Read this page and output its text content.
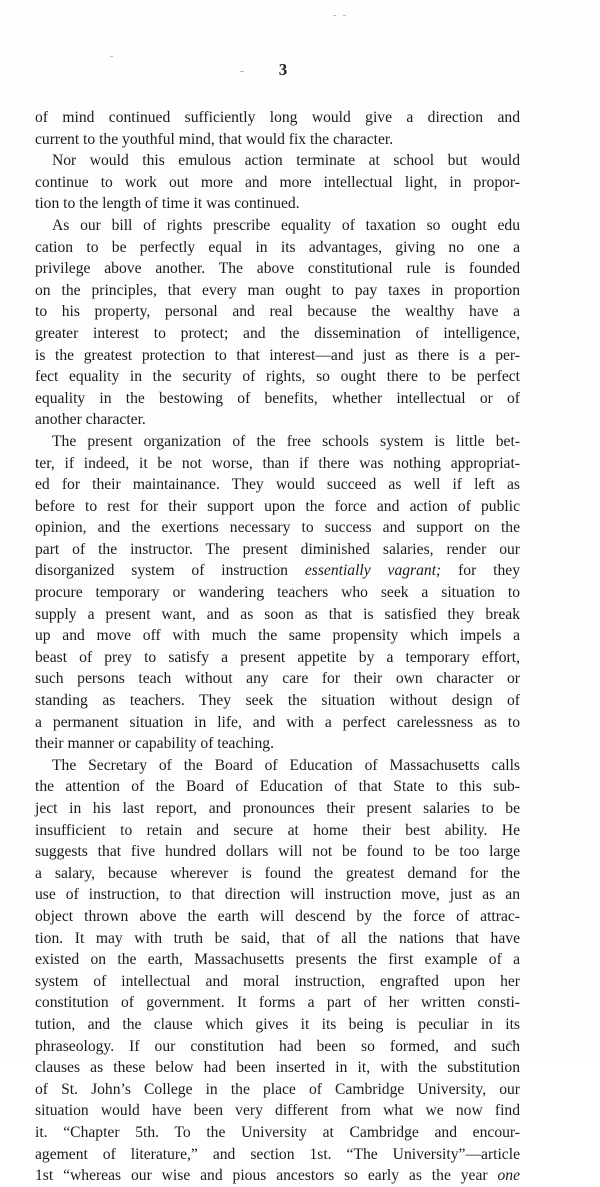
3
of mind continued sufficiently long would give a direction and
current to the youthful mind, that would fix the character.
Nor would this emulous action terminate at school but would
continue to work out more and more intellectual light, in propor-
tion to the length of time it was continued.
As our bill of rights prescribe equality of taxation so ought edu
cation to be perfectly equal in its advantages, giving no one a
privilege above another. The above constitutional rule is founded
on the principles, that every man ought to pay taxes in proportion
to his property, personal and real because the wealthy have a
greater interest to protect; and the dissemination of intelligence,
is the greatest protection to that interest—and just as there is a per-
fect equality in the security of rights, so ought there to be perfect
equality in the bestowing of benefits, whether intellectual or of
another character.
The present organization of the free schools system is little bet-
ter, if indeed, it be not worse, than if there was nothing appropriat-
ed for their maintainance. They would succeed as well if left as
before to rest for their support upon the force and action of public
opinion, and the exertions necessary to success and support on the
part of the instructor. The present diminished salaries, render our
disorganized system of instruction essentially vagrant; for they
procure temporary or wandering teachers who seek a situation to
supply a present want, and as soon as that is satisfied they break
up and move off with much the same propensity which impels a
beast of prey to satisfy a present appetite by a temporary effort,
such persons teach without any care for their own character or
standing as teachers. They seek the situation without design of
a permanent situation in life, and with a perfect carelessness as to
their manner or capability of teaching.
The Secretary of the Board of Education of Massachusetts calls
the attention of the Board of Education of that State to this sub-
ject in his last report, and pronounces their present salaries to be
insufficient to retain and secure at home their best ability. He
suggests that five hundred dollars will not be found to be too large
a salary, because wherever is found the greatest demand for the
use of instruction, to that direction will instruction move, just as an
object thrown above the earth will descend by the force of attrac-
tion. It may with truth be said, that of all the nations that have
existed on the earth, Massachusetts presents the first example of a
system of intellectual and moral instruction, engrafted upon her
constitution of government. It forms a part of her written consti-
tution, and the clause which gives it its being is peculiar in its
phraseology. If our constitution had been so formed, and such
clauses as these below had been inserted in it, with the substitution
of St. John’s College in the place of Cambridge University, our
situation would have been very different from what we now find
it. “Chapter 5th. To the University at Cambridge and encour-
agement of literature,” and section 1st. “The University”—article
1st “whereas our wise and pious ancestors so early as the year one
